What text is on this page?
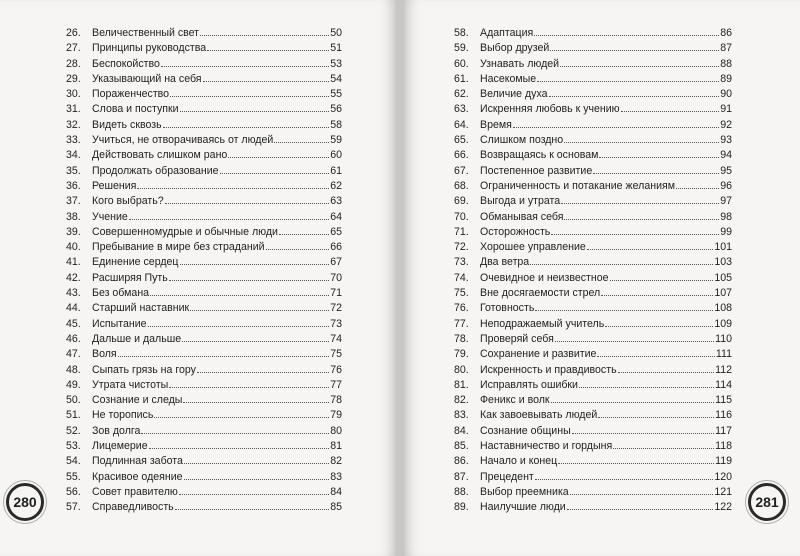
26.	Величественный свет	50
27.	Принципы руководства	51
28.	Беспокойство	53
29.	Указывающий на себя	54
30.	Пораженчество	55
31.	Слова и поступки	56
32.	Видеть сквозь	58
33.	Учиться, не отворачиваясь от людей	59
34.	Действовать слишком рано	60
35.	Продолжать образование	61
36.	Решения	62
37.	Кого выбрать?	63
38.	Учение	64
39.	Совершенномудрые и обычные люди	65
40.	Пребывание в мире без страданий	66
41.	Единение сердец	67
42.	Расширяя Путь	70
43.	Без обмана	71
44.	Старший наставник	72
45.	Испытание	73
46.	Дальше и дальше	74
47.	Воля	75
48.	Сыпать грязь на гору	76
49.	Утрата чистоты	77
50.	Сознание и следы	78
51.	Не торопись	79
52.	Зов долга	80
53.	Лицемерие	81
54.	Подлинная забота	82
55.	Красивое одеяние	83
56.	Совет правителю	84
57.	Справедливость	85
280
58.	Адаптация	86
59.	Выбор друзей	87
60.	Узнавать людей	88
61.	Насекомые	89
62.	Величие духа	90
63.	Искренняя любовь к учению	91
64.	Время	92
65.	Слишком поздно	93
66.	Возвращаясь к основам	94
67.	Постепенное развитие	95
68.	Ограниченность и потакание желаниям	96
69.	Выгода и утрата	97
70.	Обманывая себя	98
71.	Осторожность	99
72.	Хорошее управление	101
73.	Два ветра	103
74.	Очевидное и неизвестное	105
75.	Вне досягаемости стрел	107
76.	Готовность	108
77.	Неподражаемый учитель	109
78.	Проверяй себя	110
79.	Сохранение и развитие	111
80.	Искренность и правдивость	112
81.	Исправлять ошибки	114
82.	Феникс и волк	115
83.	Как завоевывать людей	116
84.	Сознание общины	117
85.	Наставничество и гордыня	118
86.	Начало и конец	119
87.	Прецедент	120
88.	Выбор преемника	121
89.	Наилучшие люди	122 281
